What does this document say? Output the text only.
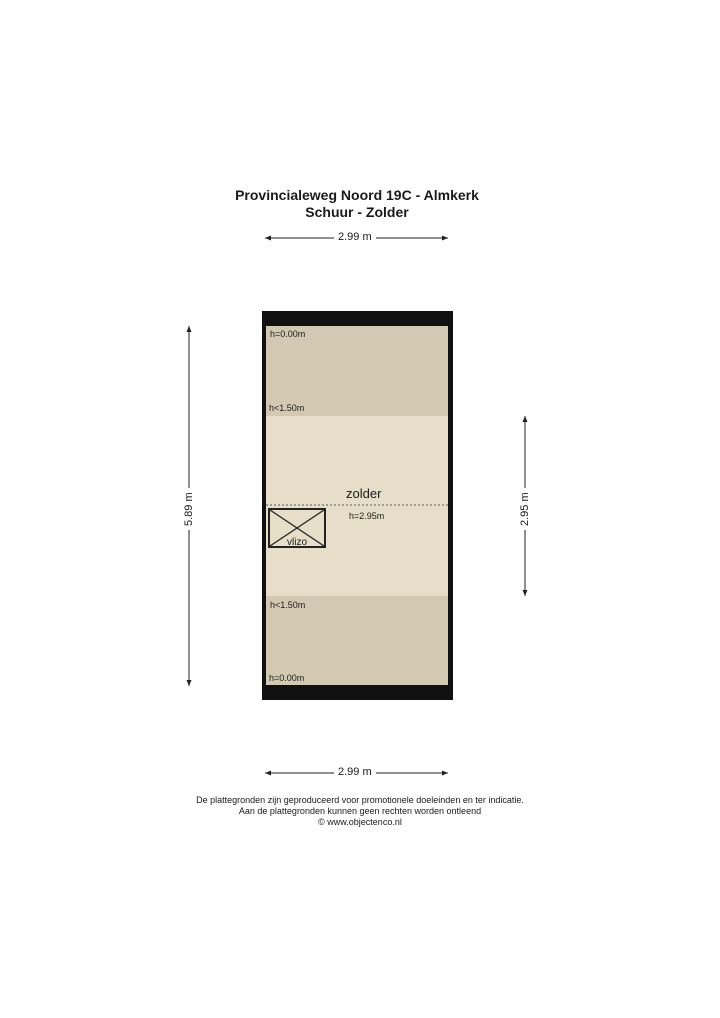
Provincialeweg Noord 19C - Almkerk
Schuur - Zolder
2.99 m
2.99 m
5.89 m	2.95 m
h=0.00m
h<1.50m
h<1.50m
h=0.00m
zolder
h=2.95m
vlizo
De plattegronden zijn geproduceerd voor promotionele doeleinden en ter indicatie.
Aan de plattegronden kunnen geen rechten worden ontleend
© www.objectenco.nl
